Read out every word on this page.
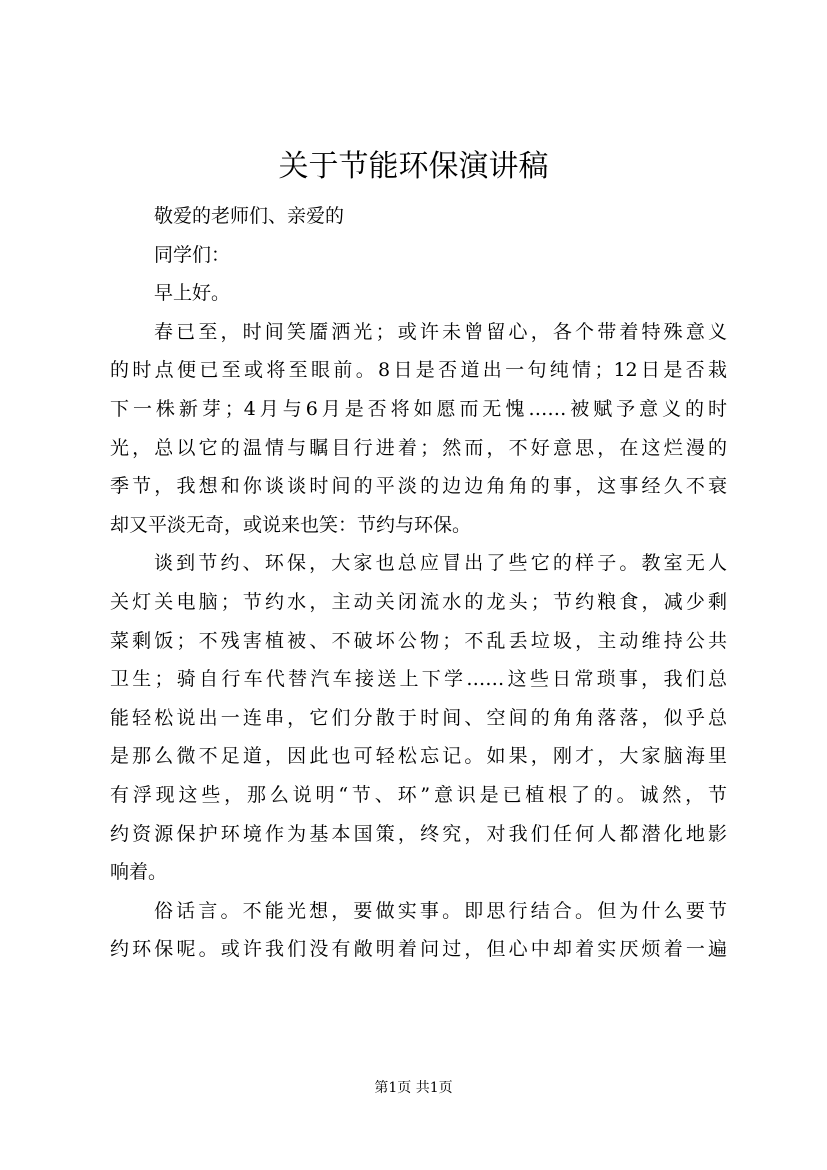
关于节能环保演讲稿
敬爱的老师们、亲爱的
同学们：
早上好。
春已至，时间笑靥洒光；或许未曾留心，各个带着特殊意义
的时点便已至或将至眼前。8日是否道出一句纯情；12日是否栽
下一株新芽；4月与6月是否将如愿而无愧……被赋予意义的时
光，总以它的温情与瞩目行进着；然而，不好意思，在这烂漫的
季节，我想和你谈谈时间的平淡的边边角角的事，这事经久不衰
却又平淡无奇，或说来也笑：节约与环保。
谈到节约、环保，大家也总应冒出了些它的样子。教室无人
关灯关电脑；节约水，主动关闭流水的龙头；节约粮食，减少剩
菜剩饭；不残害植被、不破坏公物；不乱丢垃圾，主动维持公共
卫生；骑自行车代替汽车接送上下学……这些日常琐事，我们总
能轻松说出一连串，它们分散于时间、空间的角角落落，似乎总
是那么微不足道，因此也可轻松忘记。如果，刚才，大家脑海里
有浮现这些，那么说明“节、环”意识是已植根了的。诚然，节
约资源保护环境作为基本国策，终究，对我们任何人都潜化地影
响着。
俗话言。不能光想，要做实事。即思行结合。但为什么要节
约环保呢。或许我们没有敞明着问过，但心中却着实厌烦着一遍
第1页 共1页
